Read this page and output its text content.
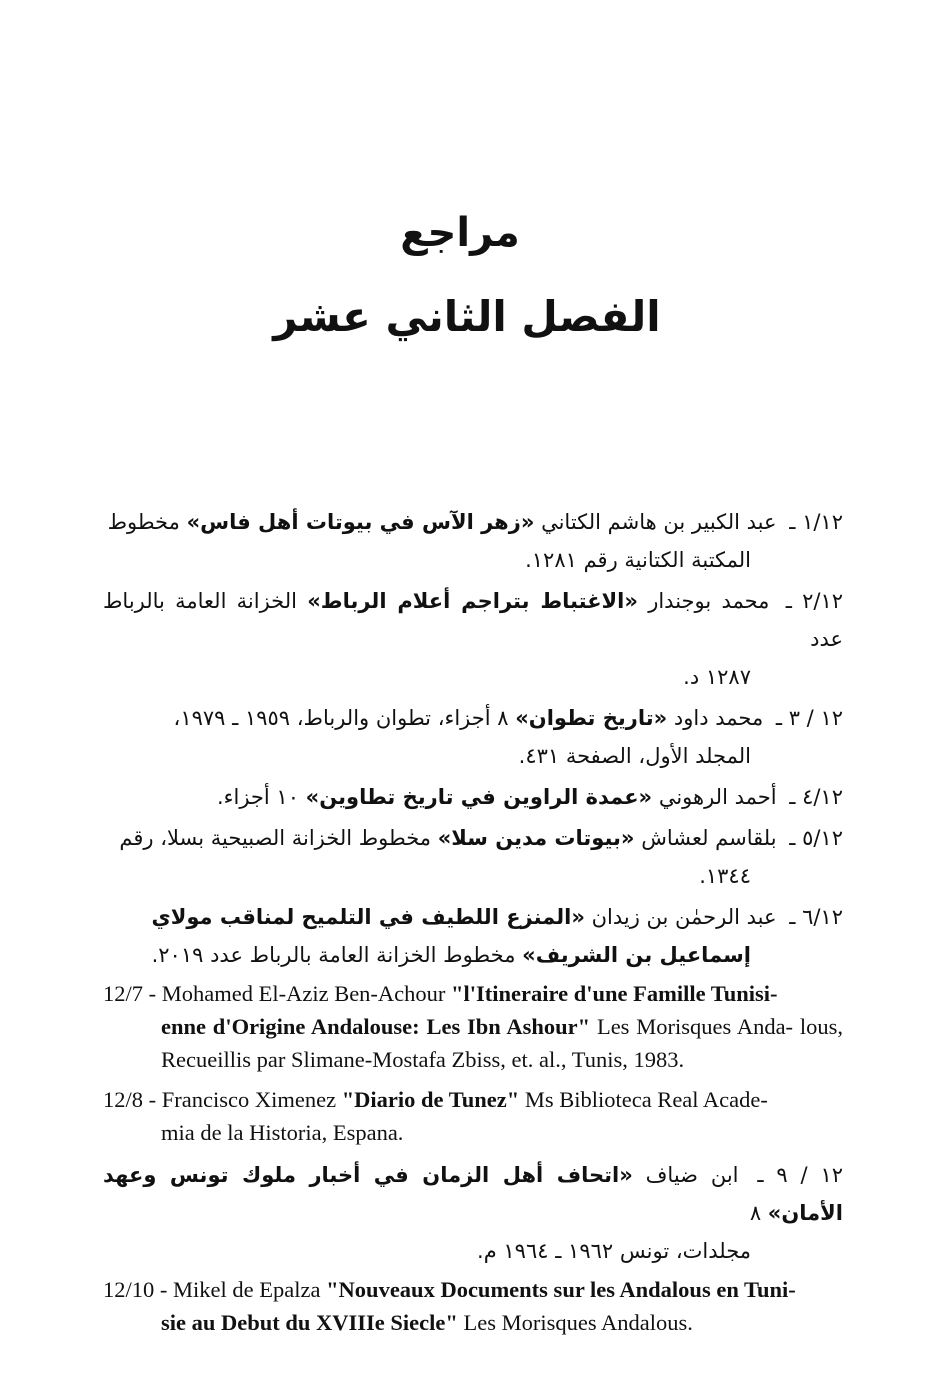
مراجع
الفصل الثاني عشر
١/١٢ ـ عبد الكبير بن هاشم الكتاني «زهر الآس في بيوتات أهل فاس» مخطوط
المكتبة الكتانية رقم ١٢٨١.
٢/١٢ ـ محمد بوجندار «الاغتباط بتراجم أعلام الرباط» الخزانة العامة بالرباط عدد
١٢٨٧ د.
١٢ / ٣ ـ محمد داود «تاريخ تطوان» ٨ أجزاء، تطوان والرباط، ١٩٥٩ ـ ١٩٧٩،
المجلد الأول، الصفحة ٤٣١.
٤/١٢ ـ أحمد الرهوني «عمدة الراوين في تاريخ تطاوين» ١٠ أجزاء.
٥/١٢ ـ بلقاسم لعشاش «بيوتات مدين سلا» مخطوط الخزانة الصبيحية بسلا، رقم
١٣٤٤.
٦/١٢ ـ عبد الرحمٰن بن زيدان «المنزع اللطيف في التلميح لمناقب مولاي
إسماعيل بن الشريف» مخطوط الخزانة العامة بالرباط عدد ٢٠١٩.
12/7 - Mohamed El-Aziz Ben-Achour "l'Itineraire d'une Famille Tunisi-
enne d'Origine Andalouse: Les Ibn Ashour" Les Morisques Anda- lous, Recueillis par Slimane-Mostafa Zbiss, et. al., Tunis, 1983.
12/8 - Francisco Ximenez "Diario de Tunez" Ms Biblioteca Real Acade-
mia de la Historia, Espana.
١٢ / ٩ ـ ابن ضياف «اتحاف أهل الزمان في أخبار ملوك تونس وعهد الأمان» ٨
مجلدات، تونس ١٩٦٢ ـ ١٩٦٤ م.
12/10 - Mikel de Epalza "Nouveaux Documents sur les Andalous en Tuni-
sie au Debut du XVIIIe Siecle" Les Morisques Andalous.
